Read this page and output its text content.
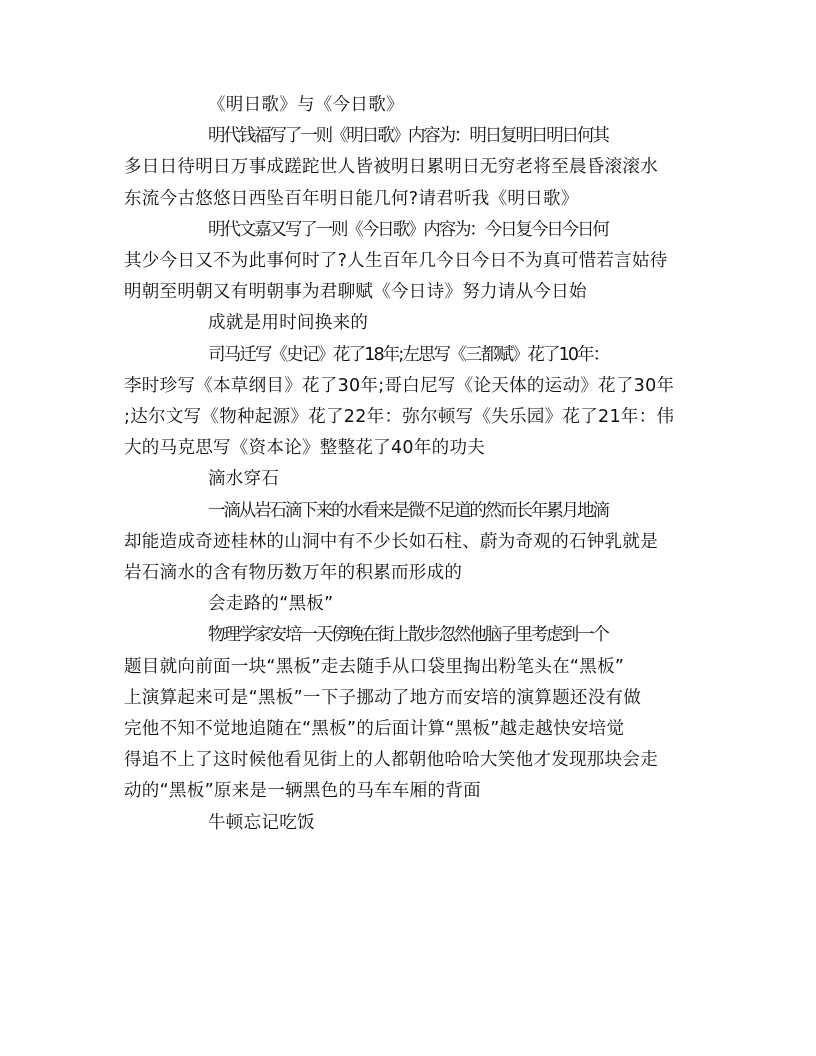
《明日歌》与《今日歌》
明代钱福写了一则《明日歌》内容为：明日复明日明日何其
多日日待明日万事成蹉跎世人皆被明日累明日无穷老将至晨昏滚滚水
东流今古悠悠日西坠百年明日能几何?请君听我《明日歌》
明代文嘉又写了一则《今日歌》内容为：今日复今日今日何
其少今日又不为此事何时了?人生百年几今日今日不为真可惜若言姑待
明朝至明朝又有明朝事为君聊赋《今日诗》努力请从今日始
成就是用时间换来的
司马迁写《史记》花了18年;左思写《三都赋》花了10年：
李时珍写《本草纲目》花了30年;哥白尼写《论天体的运动》花了30年
;达尔文写《物种起源》花了22年：弥尔顿写《失乐园》花了21年：伟
大的马克思写《资本论》整整花了40年的功夫
滴水穿石
一滴从岩石滴下来的水看来是微不足道的然而长年累月地滴
却能造成奇迹桂林的山洞中有不少长如石柱、蔚为奇观的石钟乳就是
岩石滴水的含有物历数万年的积累而形成的
会走路的“黑板”
物理学家安培一天傍晚在街上散步忽然他脑子里考虑到一个
题目就向前面一块“黑板”走去随手从口袋里掏出粉笔头在“黑板”
上演算起来可是“黑板”一下子挪动了地方而安培的演算题还没有做
完他不知不觉地追随在“黑板”的后面计算“黑板”越走越快安培觉
得追不上了这时候他看见街上的人都朝他哈哈大笑他才发现那块会走
动的“黑板”原来是一辆黑色的马车车厢的背面
牛顿忘记吃饭
